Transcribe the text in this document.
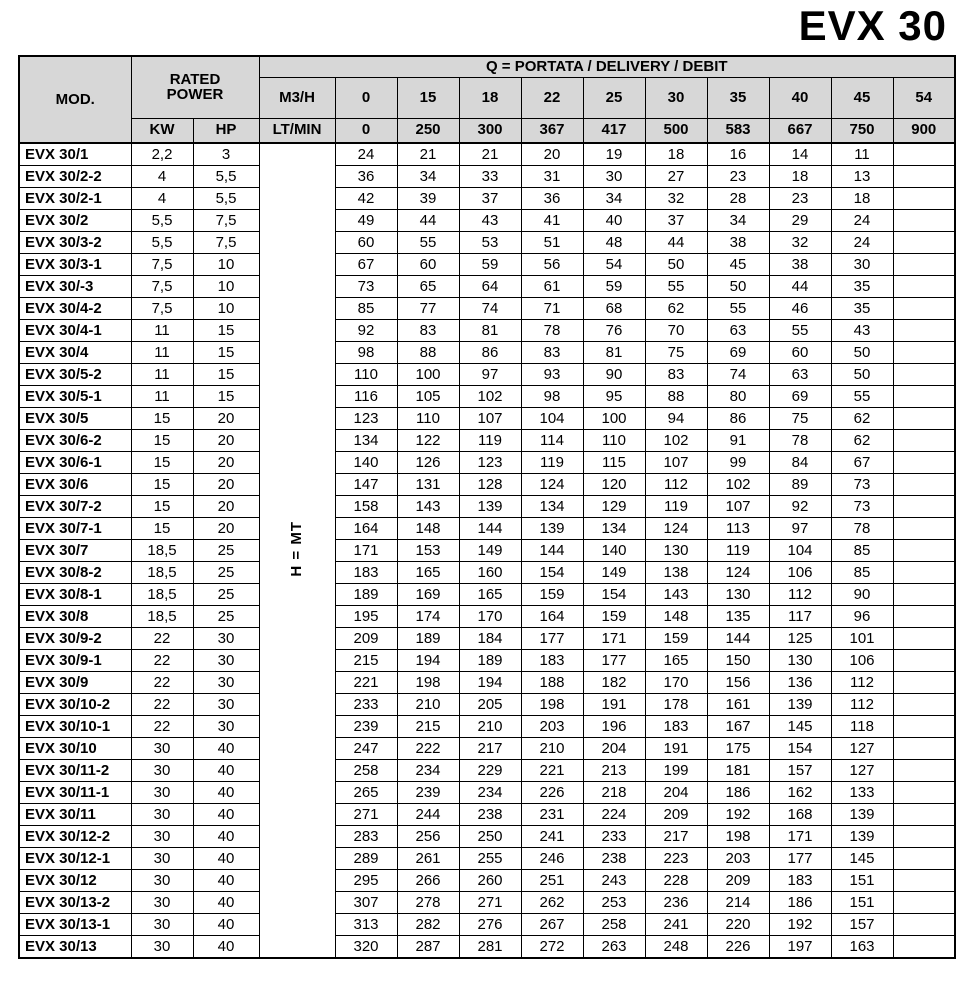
EVX 30
MOD.	RATED POWER		Q = PORTATA / DELIVERY / DEBIT										
			M3/H	0	15	18	22	25	30	35	40	45	54
	KW	HP	LT/MIN	0	250	300	367	417	500	583	667	750	900
EVX 30/1	2,2	3	H = MT	24	21	21	20	19	18	16	14	11	
EVX 30/2-2	4	5,5		36	34	33	31	30	27	23	18	13	
EVX 30/2-1	4	5,5		42	39	37	36	34	32	28	23	18	
EVX 30/2	5,5	7,5		49	44	43	41	40	37	34	29	24	
EVX 30/3-2	5,5	7,5		60	55	53	51	48	44	38	32	24	
EVX 30/3-1	7,5	10		67	60	59	56	54	50	45	38	30	
EVX 30/-3	7,5	10		73	65	64	61	59	55	50	44	35	
EVX 30/4-2	7,5	10		85	77	74	71	68	62	55	46	35	
EVX 30/4-1	11	15		92	83	81	78	76	70	63	55	43	
EVX 30/4	11	15		98	88	86	83	81	75	69	60	50	
EVX 30/5-2	11	15		110	100	97	93	90	83	74	63	50	
EVX 30/5-1	11	15		116	105	102	98	95	88	80	69	55	
EVX 30/5	15	20		123	110	107	104	100	94	86	75	62	
EVX 30/6-2	15	20		134	122	119	114	110	102	91	78	62	
EVX 30/6-1	15	20		140	126	123	119	115	107	99	84	67	
EVX 30/6	15	20		147	131	128	124	120	112	102	89	73	
EVX 30/7-2	15	20		158	143	139	134	129	119	107	92	73	
EVX 30/7-1	15	20		164	148	144	139	134	124	113	97	78	
EVX 30/7	18,5	25		171	153	149	144	140	130	119	104	85	
EVX 30/8-2	18,5	25		183	165	160	154	149	138	124	106	85	
EVX 30/8-1	18,5	25		189	169	165	159	154	143	130	112	90	
EVX 30/8	18,5	25		195	174	170	164	159	148	135	117	96	
EVX 30/9-2	22	30		209	189	184	177	171	159	144	125	101	
EVX 30/9-1	22	30		215	194	189	183	177	165	150	130	106	
EVX 30/9	22	30		221	198	194	188	182	170	156	136	112	
EVX 30/10-2	22	30		233	210	205	198	191	178	161	139	112	
EVX 30/10-1	22	30		239	215	210	203	196	183	167	145	118	
EVX 30/10	30	40		247	222	217	210	204	191	175	154	127	
EVX 30/11-2	30	40		258	234	229	221	213	199	181	157	127	
EVX 30/11-1	30	40		265	239	234	226	218	204	186	162	133	
EVX 30/11	30	40		271	244	238	231	224	209	192	168	139	
EVX 30/12-2	30	40		283	256	250	241	233	217	198	171	139	
EVX 30/12-1	30	40		289	261	255	246	238	223	203	177	145	
EVX 30/12	30	40		295	266	260	251	243	228	209	183	151	
EVX 30/13-2	30	40		307	278	271	262	253	236	214	186	151	
EVX 30/13-1	30	40		313	282	276	267	258	241	220	192	157	
EVX 30/13	30	40		320	287	281	272	263	248	226	197	163	
